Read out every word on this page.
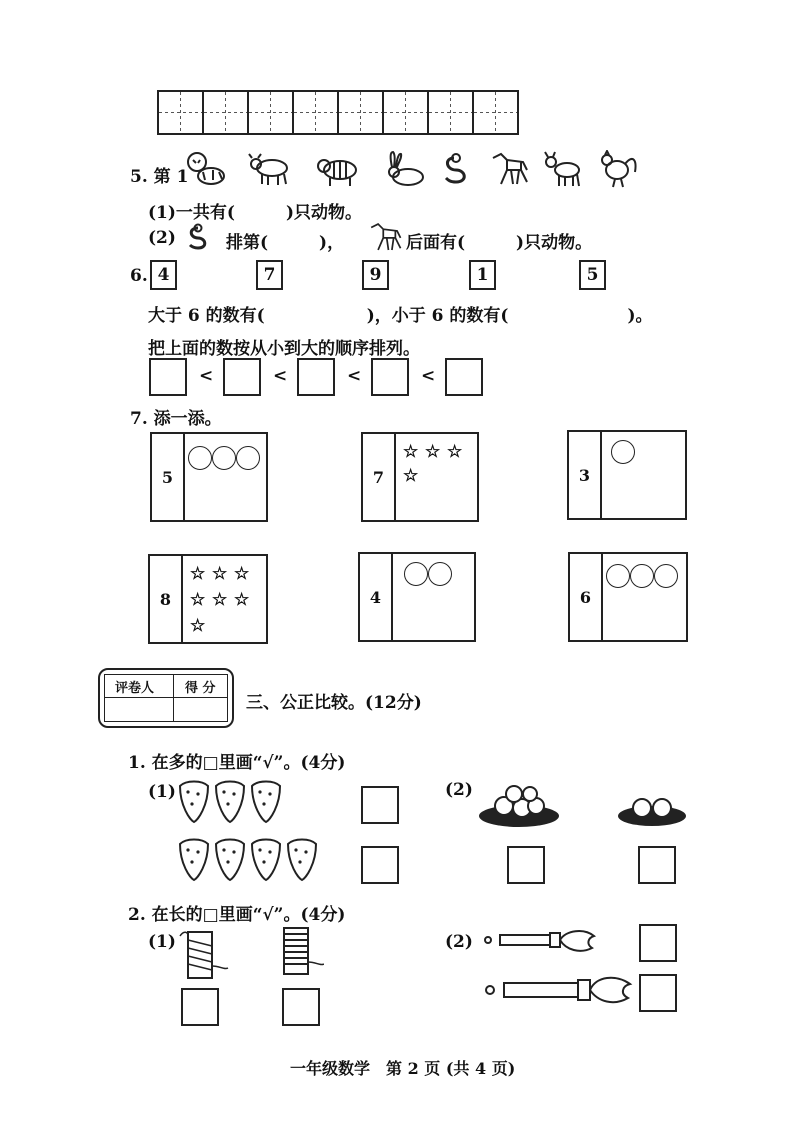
5. 第 1
(1)一共有(　　　)只动物。
(2)	排第(　　　)，	后面有(　　　)只动物。
6. 4	7	9	1	5
大于 6 的数有(　　　　　　)，小于 6 的数有(　　　　　　　)。
把上面的数按从小到大的顺序排列。
<	<	<	<
7. 添一添。
5	7
☆ ☆ ☆
☆	3
8
☆ ☆ ☆
☆ ☆ ☆
☆
4	6
评卷人 得 分
三、公正比较。(12分)
1. 在多的□里画“√”。(4分)
(1)	(2)
2. 在长的□里画“√”。(4分)
(1)	(2)
一年级数学　第 2 页 (共 4 页)
